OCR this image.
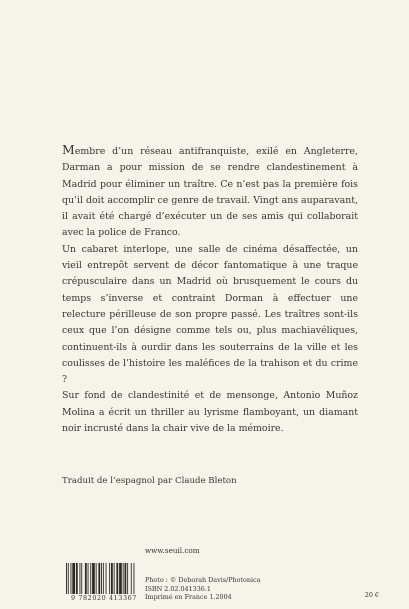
Membre d’un réseau antifranquiste, exilé en Angleterre, Darman a pour mission de se rendre clandestinement à Madrid pour éliminer un traître. Ce n’est pas la première fois qu’il doit accomplir ce genre de travail. Vingt ans auparavant, il avait été chargé d’exécuter un de ses amis qui collaborait avec la police de Franco.

Un cabaret interlope, une salle de cinéma désaffectée, un vieil entrepôt servent de décor fantomatique à une traque crépusculaire dans un Madrid où brusquement le cours du temps s’inverse et contraint Dorman à effectuer une relecture périlleuse de son propre passé. Les traîtres sont-ils ceux que l’on désigne comme tels ou, plus machiavéliques, continuent-ils à ourdir dans les souterrains de la ville et les coulisses de l’histoire les maléfices de la trahison et du crime ?

Sur fond de clandestinité et de mensonge, Antonio Muñoz Molina a écrit un thriller au lyrisme flamboyant, un diamant noir incrusté dans la chair vive de la mémoire.

Traduit de l’espagnol par Claude Bleton
www.seuil.com
9 782020 413367
Photo : © Deborah Davis/Photonica
ISBN 2.02.041336.1
Imprimé en France 1.2004	20 €
